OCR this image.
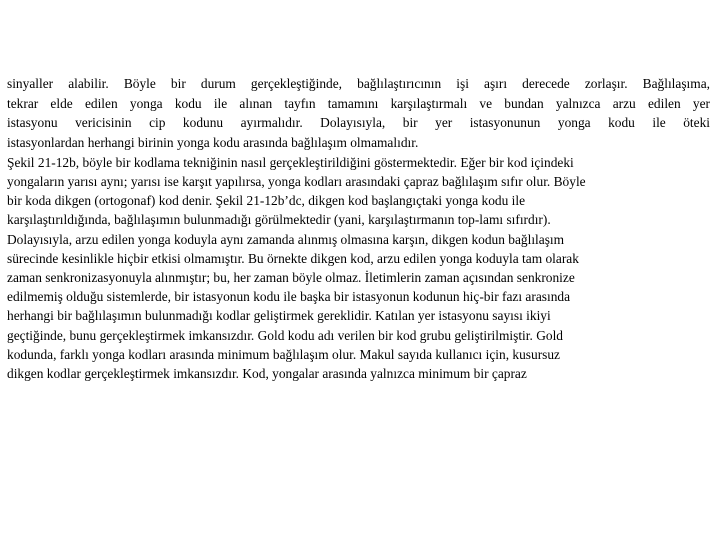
sinyaller alabilir. Böyle bir durum gerçekleştiğinde, bağlılaştırıcının işi aşırı derecede zorlaşır. Bağlılaşıma,
tekrar elde edilen yonga kodu ile alınan tayfın tamamını karşılaştırmalı ve bundan yalnızca arzu edilen yer
istasyonu vericisinin cip kodunu ayırmalıdır. Dolayısıyla, bir yer istasyonunun yonga kodu ile öteki
istasyonlardan herhangi birinin yonga kodu arasında bağlılaşım olmamalıdır.
Şekil 21-12b, böyle bir kodlama tekniğinin nasıl gerçekleştirildiğini göstermektedir. Eğer bir kod içindeki
yongaların yarısı aynı; yarısı ise karşıt yapılırsa, yonga kodları arasındaki çapraz bağlılaşım sıfır olur. Böyle
bir koda dikgen (ortogonaf) kod denir. Şekil 21-12b’dc, dikgen kod başlangıçtaki yonga kodu ile
karşılaştırıldığında, bağlılaşımın bulunmadığı görülmektedir (yani, karşılaştırmanın top-lamı sıfırdır).
Dolayısıyla, arzu edilen yonga koduyla aynı zamanda alınmış olmasına karşın, dikgen kodun bağlılaşım
sürecinde kesinlikle hiçbir etkisi olmamıştır. Bu örnekte dikgen kod, arzu edilen yonga koduyla tam olarak
zaman senkronizasyonuyla alınmıştır; bu, her zaman böyle olmaz. İletimlerin zaman açısından senkronize
edilmemiş olduğu sistemlerde, bir istasyonun kodu ile başka bir istasyonun kodunun hiç-bir fazı arasında
herhangi bir bağlılaşımın bulunmadığı kodlar geliştirmek gereklidir. Katılan yer istasyonu sayısı ikiyi
geçtiğinde, bunu gerçekleştirmek imkansızdır. Gold kodu adı verilen bir kod grubu geliştirilmiştir. Gold
kodunda, farklı yonga kodları arasında minimum bağlılaşım olur. Makul sayıda kullanıcı için, kusursuz
dikgen kodlar gerçekleştirmek imkansızdır. Kod, yongalar arasında yalnızca minimum bir çapraz
